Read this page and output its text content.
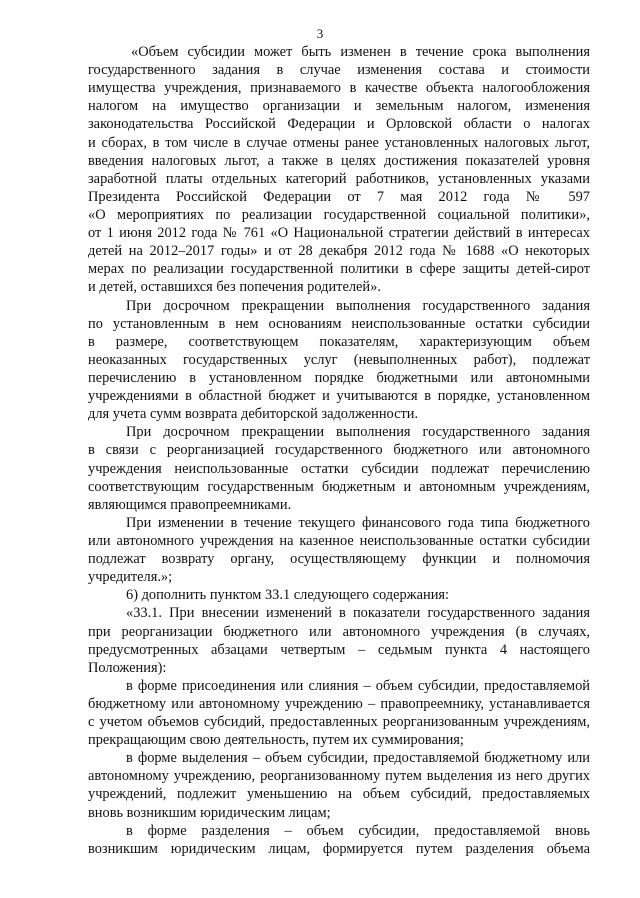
3
«Объем субсидии может быть изменен в течение срока выполнения
государственного задания в случае изменения состава и стоимости
имущества учреждения, признаваемого в качестве объекта налогообложения
налогом на имущество организации и земельным налогом, изменения
законодательства Российской Федерации и Орловской области о налогах
и сборах, в том числе в случае отмены ранее установленных налоговых льгот,
введения налоговых льгот, а также в целях достижения показателей уровня
заработной платы отдельных категорий работников, установленных указами
Президента Российской Федерации от 7 мая 2012 года № 597
«О мероприятиях по реализации государственной социальной политики»,
от 1 июня 2012 года № 761 «О Национальной стратегии действий в интересах
детей на 2012–2017 годы» и от 28 декабря 2012 года № 1688 «О некоторых
мерах по реализации государственной политики в сфере защиты детей-сирот
и детей, оставшихся без попечения родителей».
При досрочном прекращении выполнения государственного задания
по установленным в нем основаниям неиспользованные остатки субсидии
в размере, соответствующем показателям, характеризующим объем
неоказанных государственных услуг (невыполненных работ), подлежат
перечислению в установленном порядке бюджетными или автономными
учреждениями в областной бюджет и учитываются в порядке, установленном
для учета сумм возврата дебиторской задолженности.
При досрочном прекращении выполнения государственного задания
в связи с реорганизацией государственного бюджетного или автономного
учреждения неиспользованные остатки субсидии подлежат перечислению
соответствующим государственным бюджетным и автономным учреждениям,
являющимся правопреемниками.
При изменении в течение текущего финансового года типа бюджетного
или автономного учреждения на казенное неиспользованные остатки субсидии
подлежат возврату органу, осуществляющему функции и полномочия
учредителя.»;
6) дополнить пунктом 33.1 следующего содержания:
«33.1. При внесении изменений в показатели государственного задания
при реорганизации бюджетного или автономного учреждения (в случаях,
предусмотренных абзацами четвертым – седьмым пункта 4 настоящего
Положения):
в форме присоединения или слияния – объем субсидии, предоставляемой
бюджетному или автономному учреждению – правопреемнику, устанавливается
с учетом объемов субсидий, предоставленных реорганизованным учреждениям,
прекращающим свою деятельность, путем их суммирования;
в форме выделения – объем субсидии, предоставляемой бюджетному или
автономному учреждению, реорганизованному путем выделения из него других
учреждений, подлежит уменьшению на объем субсидий, предоставляемых
вновь возникшим юридическим лицам;
в форме разделения – объем субсидии, предоставляемой вновь
возникшим юридическим лицам, формируется путем разделения объема
